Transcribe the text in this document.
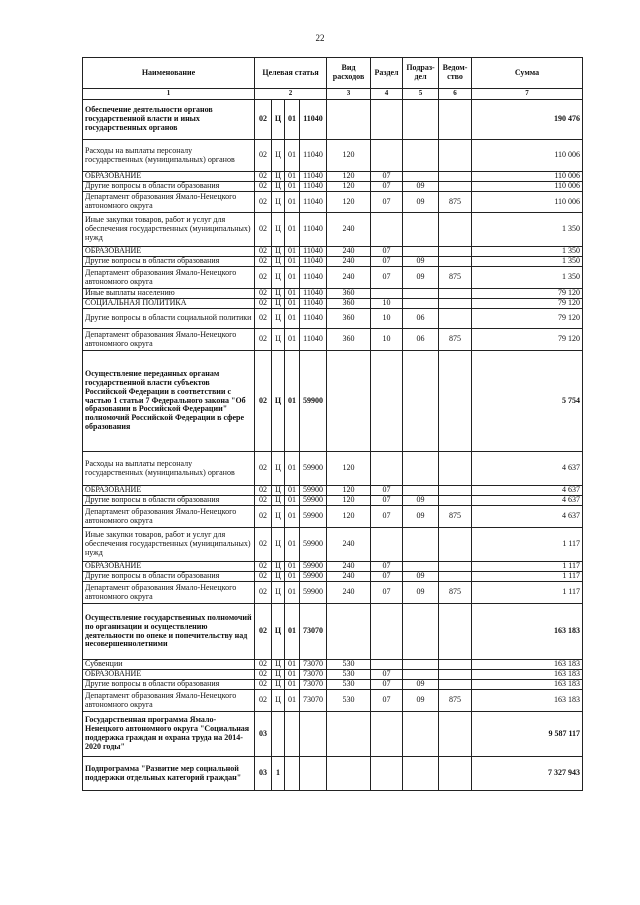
22
Наименование	Целевая статья				Вид расходов	Раздел	Подраз-дел	Ведом-ство	Сумма
1	2				3	4	5	6	7
Обеспечение деятельности органов государственной власти и иных государственных органов	02	Ц	01	11040					190 476
Расходы на выплаты персоналу государственных (муниципальных) органов	02	Ц	01	11040	120				110 006
ОБРАЗОВАНИЕ	02	Ц	01	11040	120	07			110 006
Другие вопросы в области образования	02	Ц	01	11040	120	07	09		110 006
Департамент образования Ямало-Ненецкого автономного округа	02	Ц	01	11040	120	07	09	875	110 006
Иные закупки товаров, работ и услуг для обеспечения государственных (муниципальных) нужд	02	Ц	01	11040	240				1 350
ОБРАЗОВАНИЕ	02	Ц	01	11040	240	07			1 350
Другие вопросы в области образования	02	Ц	01	11040	240	07	09		1 350
Департамент образования Ямало-Ненецкого автономного округа	02	Ц	01	11040	240	07	09	875	1 350
Иные выплаты населению	02	Ц	01	11040	360				79 120
СОЦИАЛЬНАЯ ПОЛИТИКА	02	Ц	01	11040	360	10			79 120
Другие вопросы в области социальной политики	02	Ц	01	11040	360	10	06		79 120
Департамент образования Ямало-Ненецкого автономного округа	02	Ц	01	11040	360	10	06	875	79 120
Осуществление переданных органам государственной власти субъектов Российской Федерации в соответствии с частью 1 статьи 7 Федерального закона "Об образовании в Российской Федерации" полномочий Российской Федерации в сфере образования	02	Ц	01	59900					5 754
Расходы на выплаты персоналу государственных (муниципальных) органов	02	Ц	01	59900	120				4 637
ОБРАЗОВАНИЕ	02	Ц	01	59900	120	07			4 637
Другие вопросы в области образования	02	Ц	01	59900	120	07	09		4 637
Департамент образования Ямало-Ненецкого автономного округа	02	Ц	01	59900	120	07	09	875	4 637
Иные закупки товаров, работ и услуг для обеспечения государственных (муниципальных) нужд	02	Ц	01	59900	240				1 117
ОБРАЗОВАНИЕ	02	Ц	01	59900	240	07			1 117
Другие вопросы в области образования	02	Ц	01	59900	240	07	09		1 117
Департамент образования Ямало-Ненецкого автономного округа	02	Ц	01	59900	240	07	09	875	1 117
Осуществление государственных полномочий по организации и осуществлению деятельности по опеке и попечительству над несовершеннолетними	02	Ц	01	73070					163 183
Субвенции	02	Ц	01	73070	530				163 183
ОБРАЗОВАНИЕ	02	Ц	01	73070	530	07			163 183
Другие вопросы в области образования	02	Ц	01	73070	530	07	09		163 183
Департамент образования Ямало-Ненецкого автономного округа	02	Ц	01	73070	530	07	09	875	163 183
Государственная программа Ямало-Ненецкого автономного округа "Социальная поддержка граждан и охрана труда на 2014-2020 годы"	03								9 587 117
Подпрограмма "Развитие мер социальной поддержки отдельных категорий граждан"	03	1							7 327 943
